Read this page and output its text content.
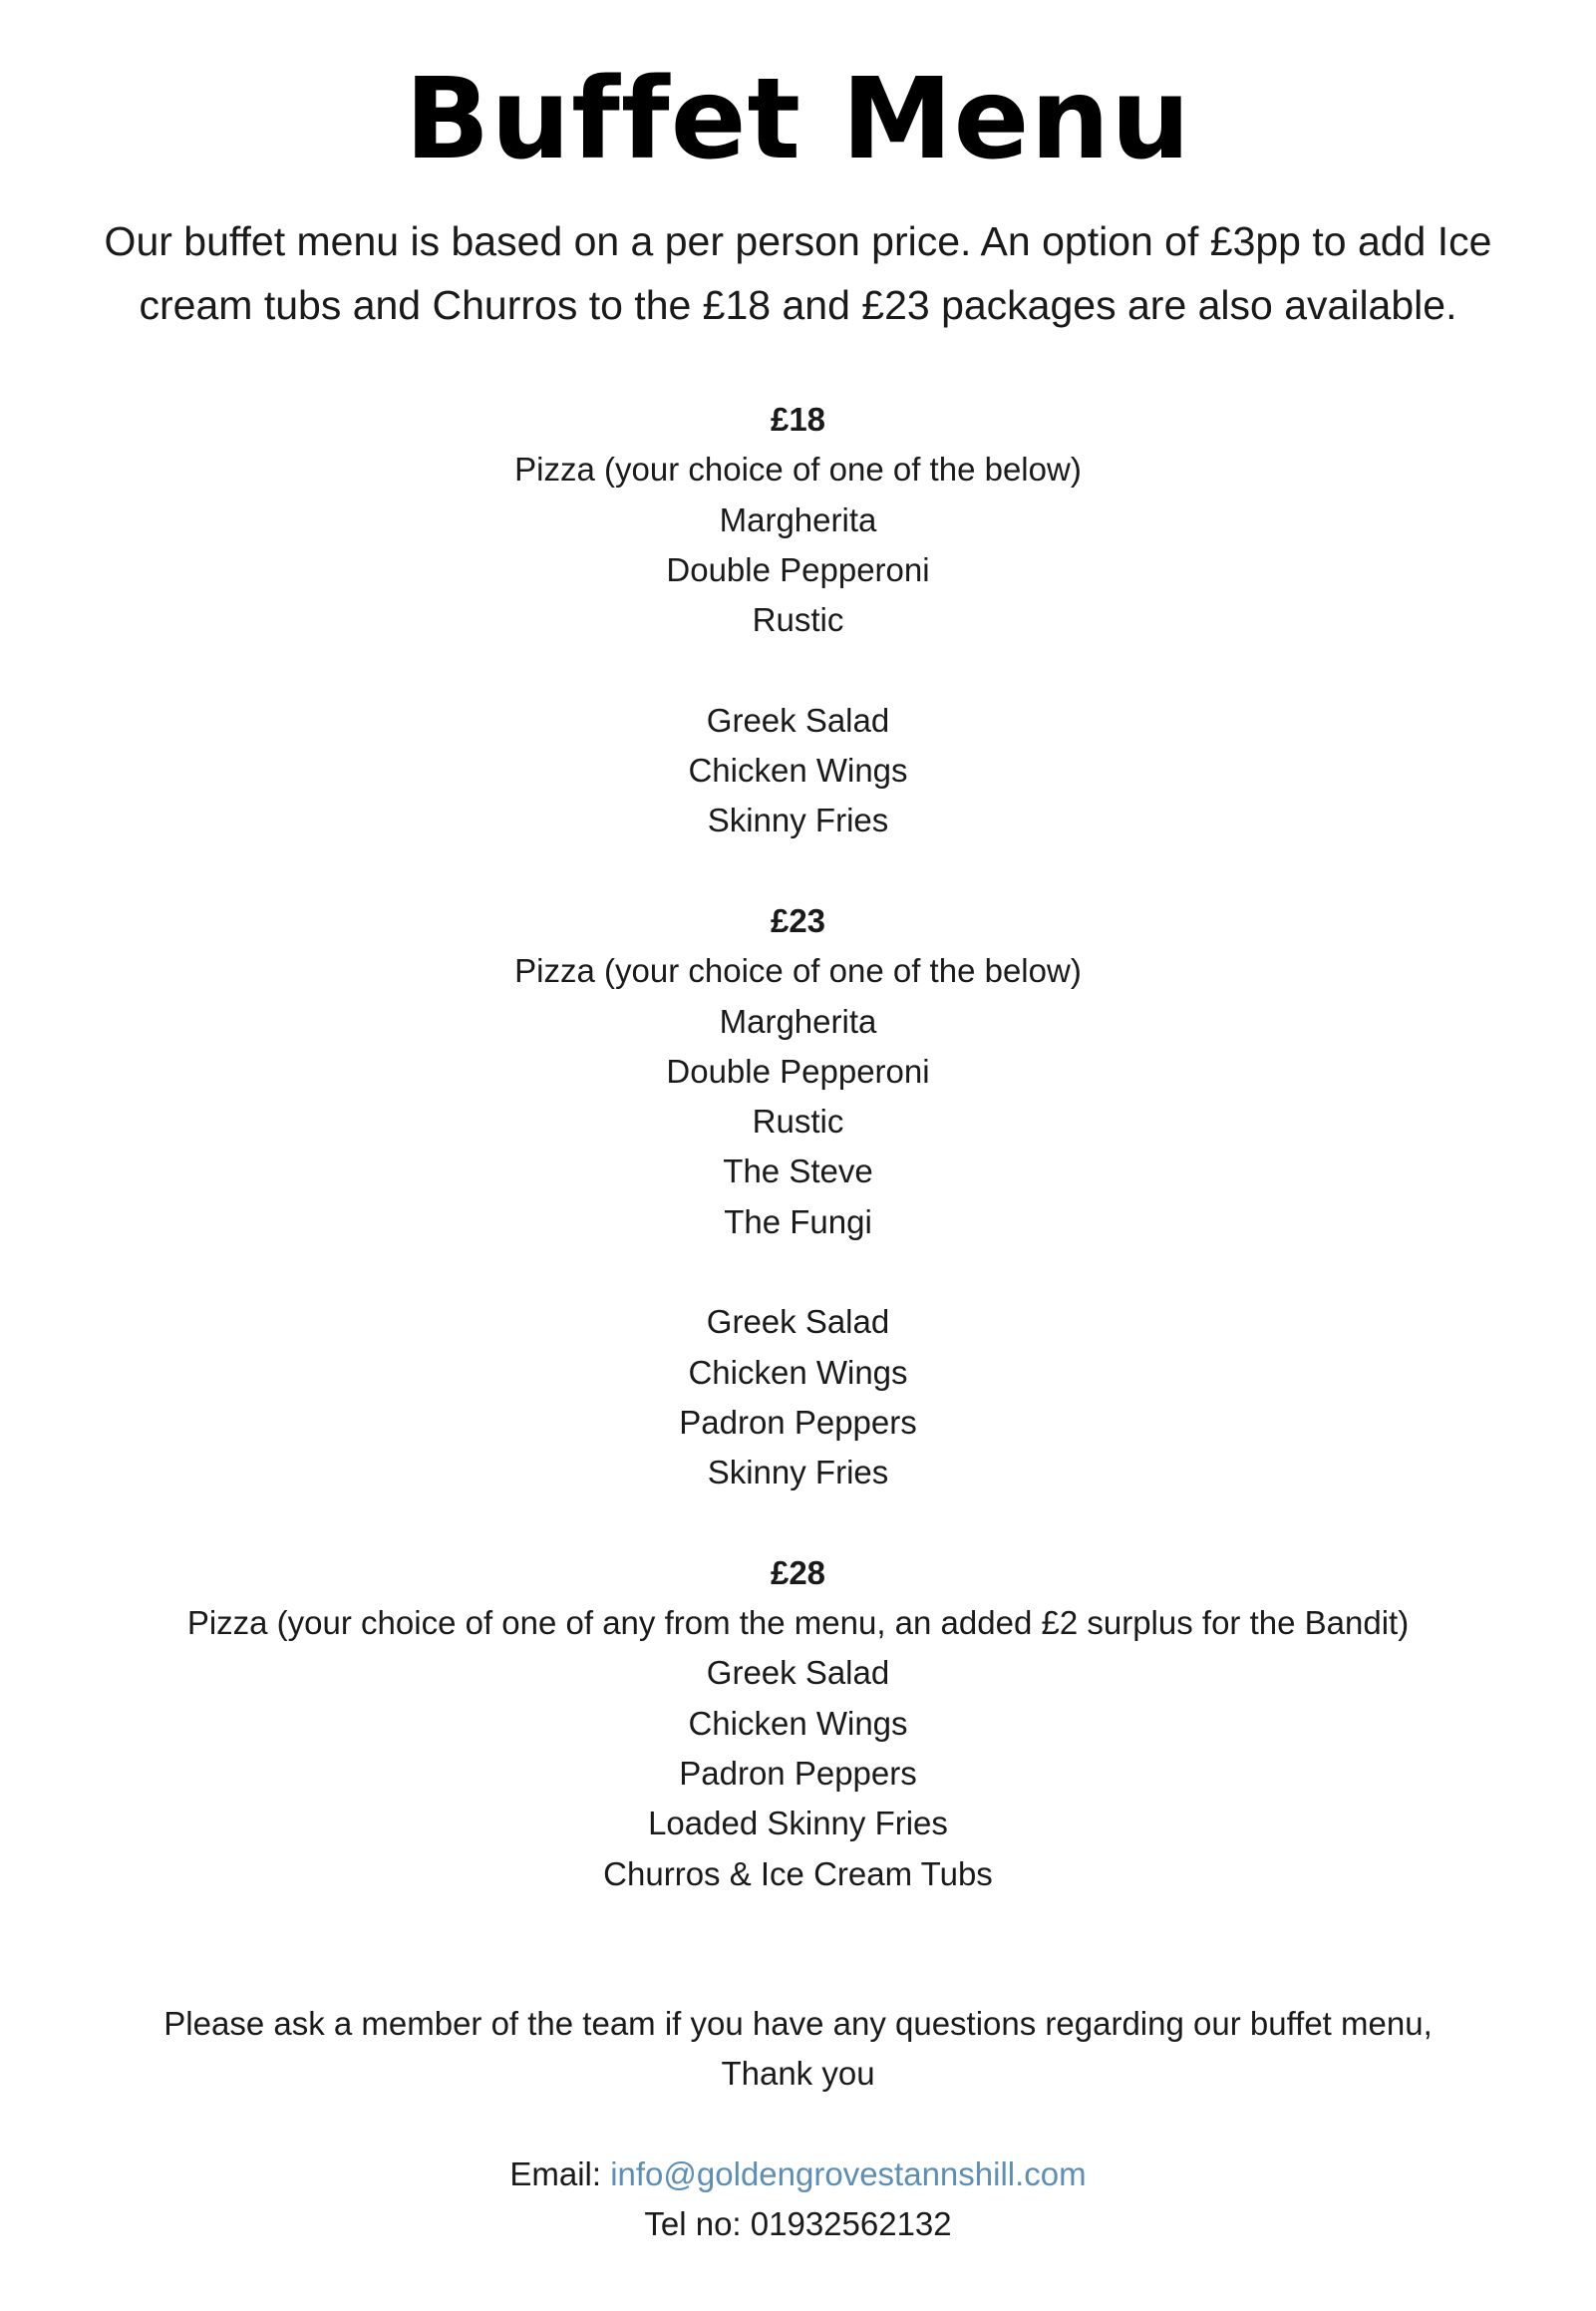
Buffet Menu
Our buffet menu is based on a per person price. An option of £3pp to add Ice
cream tubs and Churros to the £18 and £23 packages are also available.
£18
Pizza (your choice of one of the below)
Margherita
Double Pepperoni
Rustic
Greek Salad
Chicken Wings
Skinny Fries
£23
Pizza (your choice of one of the below)
Margherita
Double Pepperoni
Rustic
The Steve
The Fungi
Greek Salad
Chicken Wings
Padron Peppers
Skinny Fries
£28
Pizza (your choice of one of any from the menu, an added £2 surplus for the Bandit)
Greek Salad
Chicken Wings
Padron Peppers
Loaded Skinny Fries
Churros & Ice Cream Tubs
Please ask a member of the team if you have any questions regarding our buffet menu,
Thank you
Email: info@goldengrovestannshill.com
Tel no: 01932562132
